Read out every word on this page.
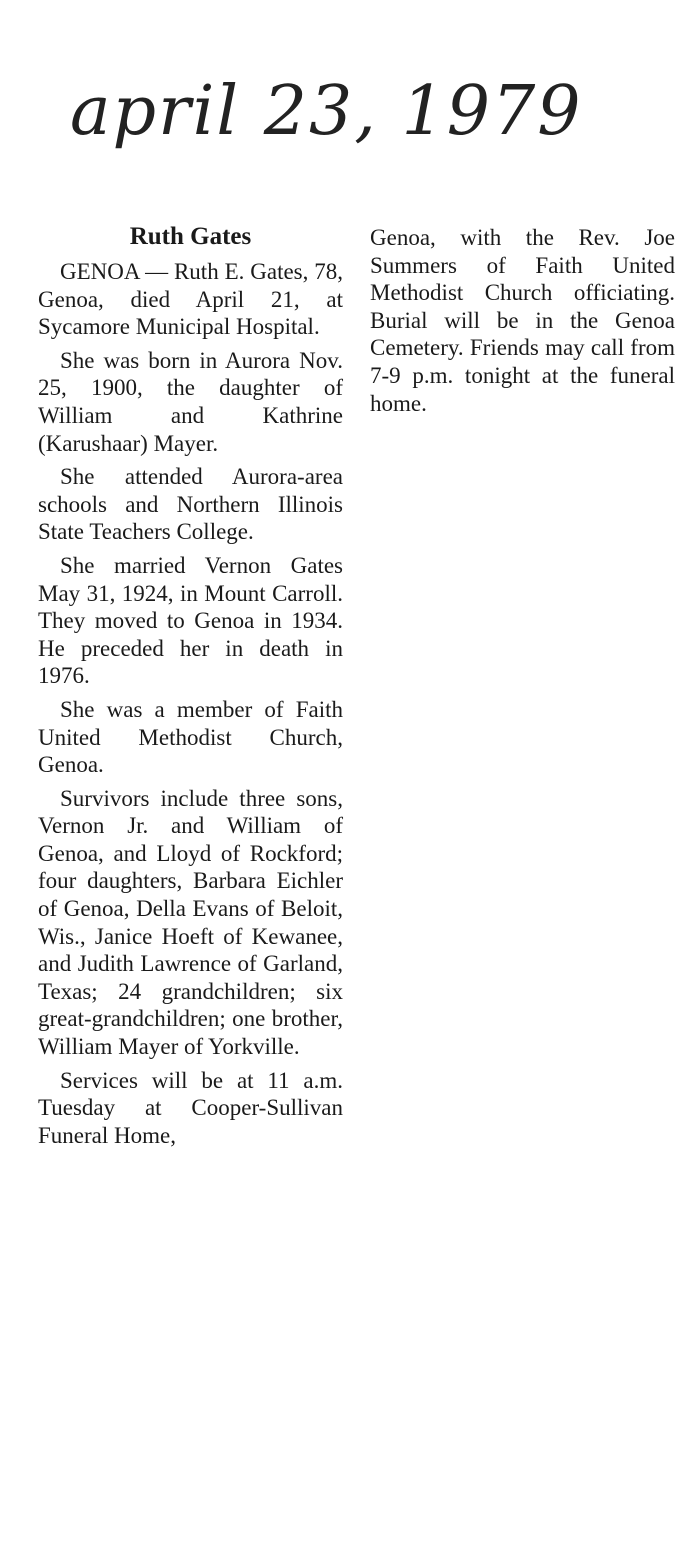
april 23, 1979
Ruth Gates

GENOA — Ruth E. Gates, 78, Genoa, died April 21, at Sycamore Municipal Hospital.

She was born in Aurora Nov. 25, 1900, the daughter of William and Kathrine (Karushaar) Mayer.

She attended Aurora-area schools and Northern Illinois State Teachers College.

She married Vernon Gates May 31, 1924, in Mount Carroll. They moved to Genoa in 1934. He preceded her in death in 1976.

She was a member of Faith United Methodist Church, Genoa.

Survivors include three sons, Vernon Jr. and William of Genoa, and Lloyd of Rockford; four daughters, Barbara Eichler of Genoa, Della Evans of Beloit, Wis., Janice Hoeft of Kewanee, and Judith Lawrence of Garland, Texas; 24 grandchildren; six great-grandchildren; one brother, William Mayer of Yorkville.

Services will be at 11 a.m. Tuesday at Cooper-Sullivan Funeral Home,

Genoa, with the Rev. Joe Summers of Faith United Methodist Church officiating. Burial will be in the Genoa Cemetery. Friends may call from 7-9 p.m. tonight at the funeral home.
